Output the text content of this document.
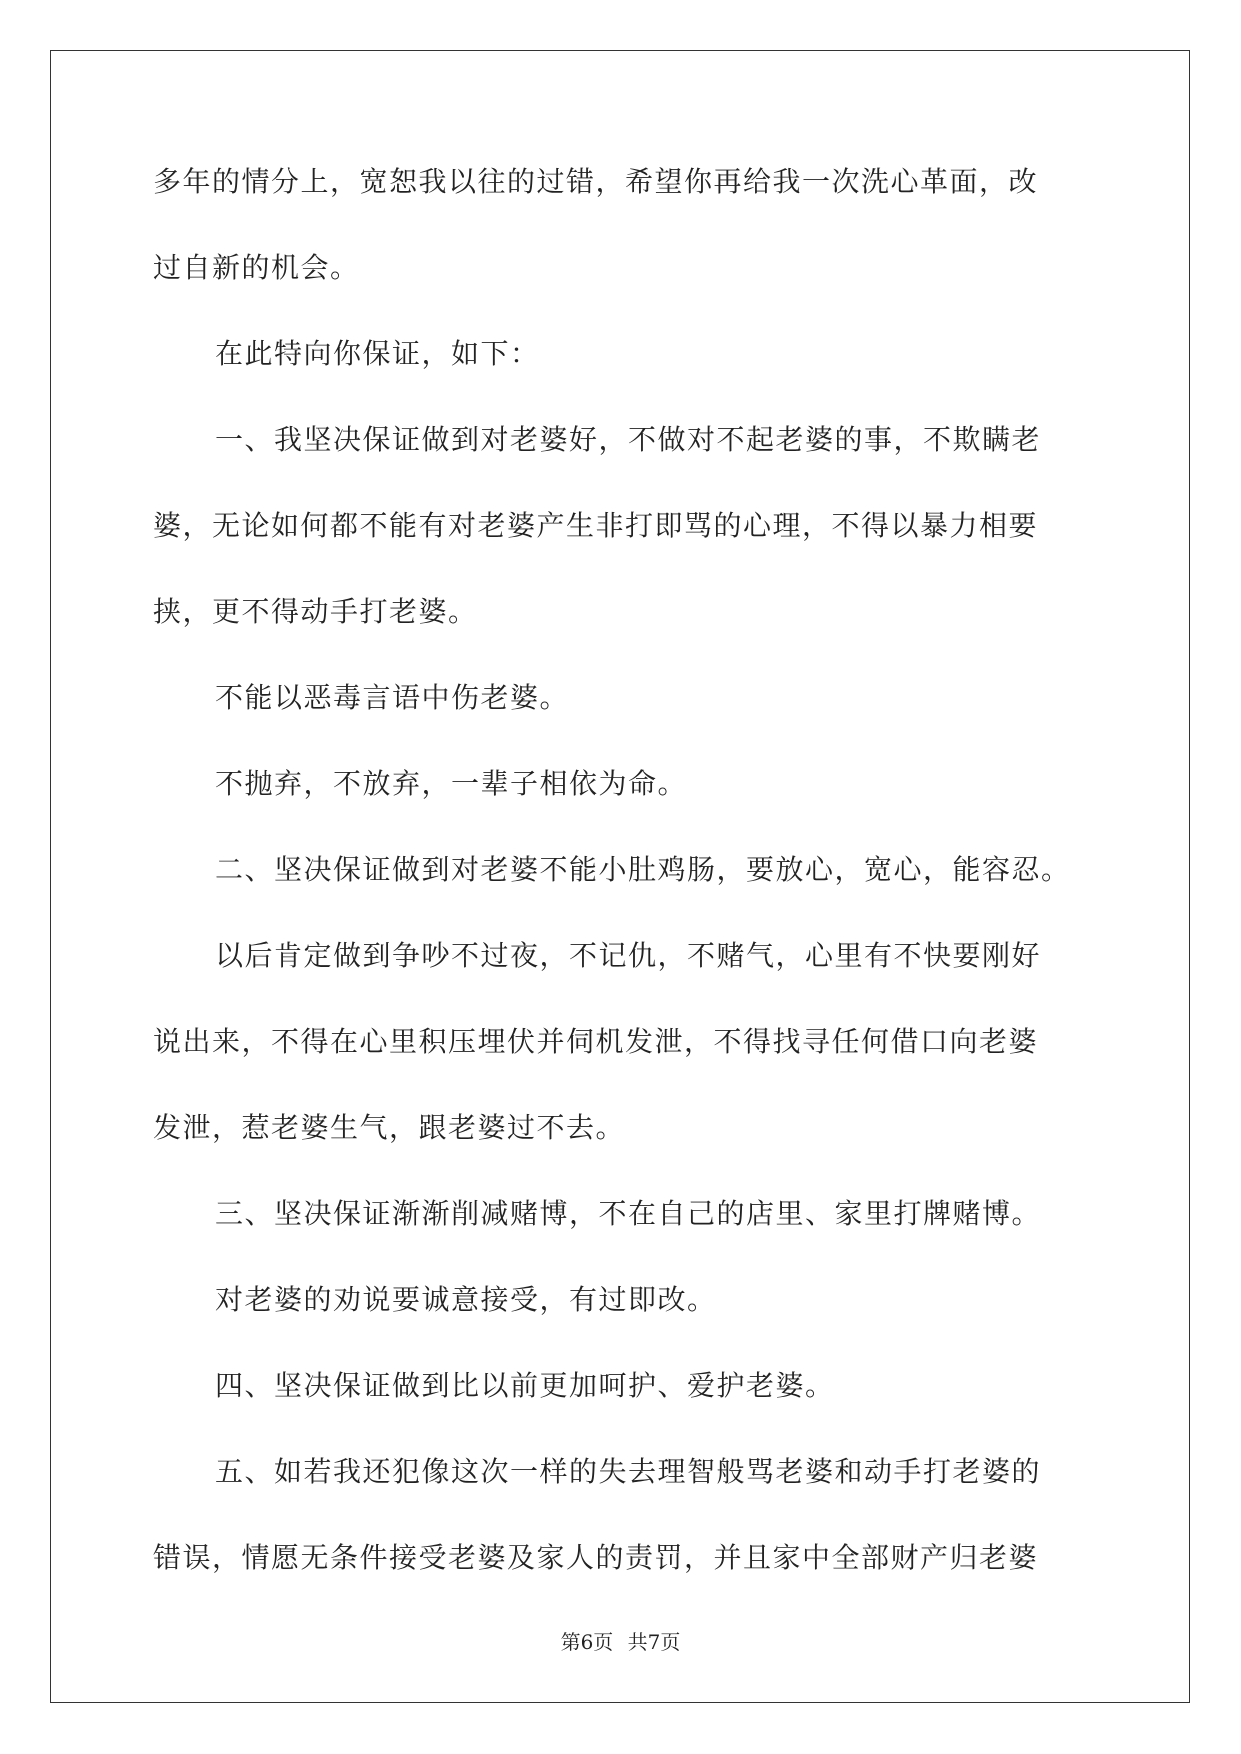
多年的情分上，宽恕我以往的过错，希望你再给我一次洗心革面，改
过自新的机会。
在此特向你保证，如下：
一、我坚决保证做到对老婆好，不做对不起老婆的事，不欺瞒老
婆，无论如何都不能有对老婆产生非打即骂的心理，不得以暴力相要
挟，更不得动手打老婆。
不能以恶毒言语中伤老婆。
不抛弃，不放弃，一辈子相依为命。
二、坚决保证做到对老婆不能小肚鸡肠，要放心，宽心，能容忍。
以后肯定做到争吵不过夜，不记仇，不赌气，心里有不快要刚好
说出来，不得在心里积压埋伏并伺机发泄，不得找寻任何借口向老婆
发泄，惹老婆生气，跟老婆过不去。
三、坚决保证渐渐削减赌博，不在自己的店里、家里打牌赌博。
对老婆的劝说要诚意接受，有过即改。
四、坚决保证做到比以前更加呵护、爱护老婆。
五、如若我还犯像这次一样的失去理智般骂老婆和动手打老婆的
错误，情愿无条件接受老婆及家人的责罚，并且家中全部财产归老婆
第6页 共7页
